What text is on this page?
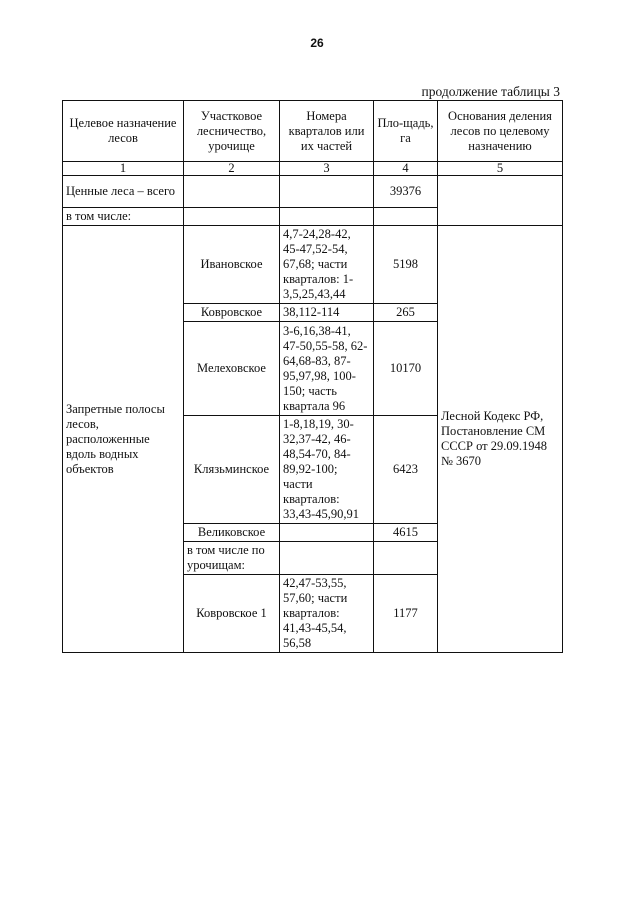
26
продолжение таблицы 3
Целевое назначение лесов	Участковое лесничество, урочище	Номера кварталов или их частей	Пло-щадь, га	Основания деления лесов по целевому назначению
1	2	3	4	5
Ценные леса – всего			39376	
в том числе:				
Запретные полосы лесов, расположенные вдоль водных объектов	Ивановское	4,7-24,28-42, 45-47,52-54, 67,68; части кварталов: 1-3,5,25,43,44	5198	Лесной Кодекс РФ, Постановление СМ СССР от 29.09.1948 № 3670
	Ковровское	38,112-114	265	
	Мелеховское	3-6,16,38-41, 47-50,55-58, 62-64,68-83, 87-95,97,98, 100-150; часть квартала 96	10170	
	Клязьминское	1-8,18,19, 30-32,37-42, 46-48,54-70, 84-89,92-100; части кварталов: 33,43-45,90,91	6423	
	Великовское		4615	
	в том числе по урочищам:			
	Ковровское 1	42,47-53,55, 57,60; части кварталов: 41,43-45,54, 56,58	1177	
